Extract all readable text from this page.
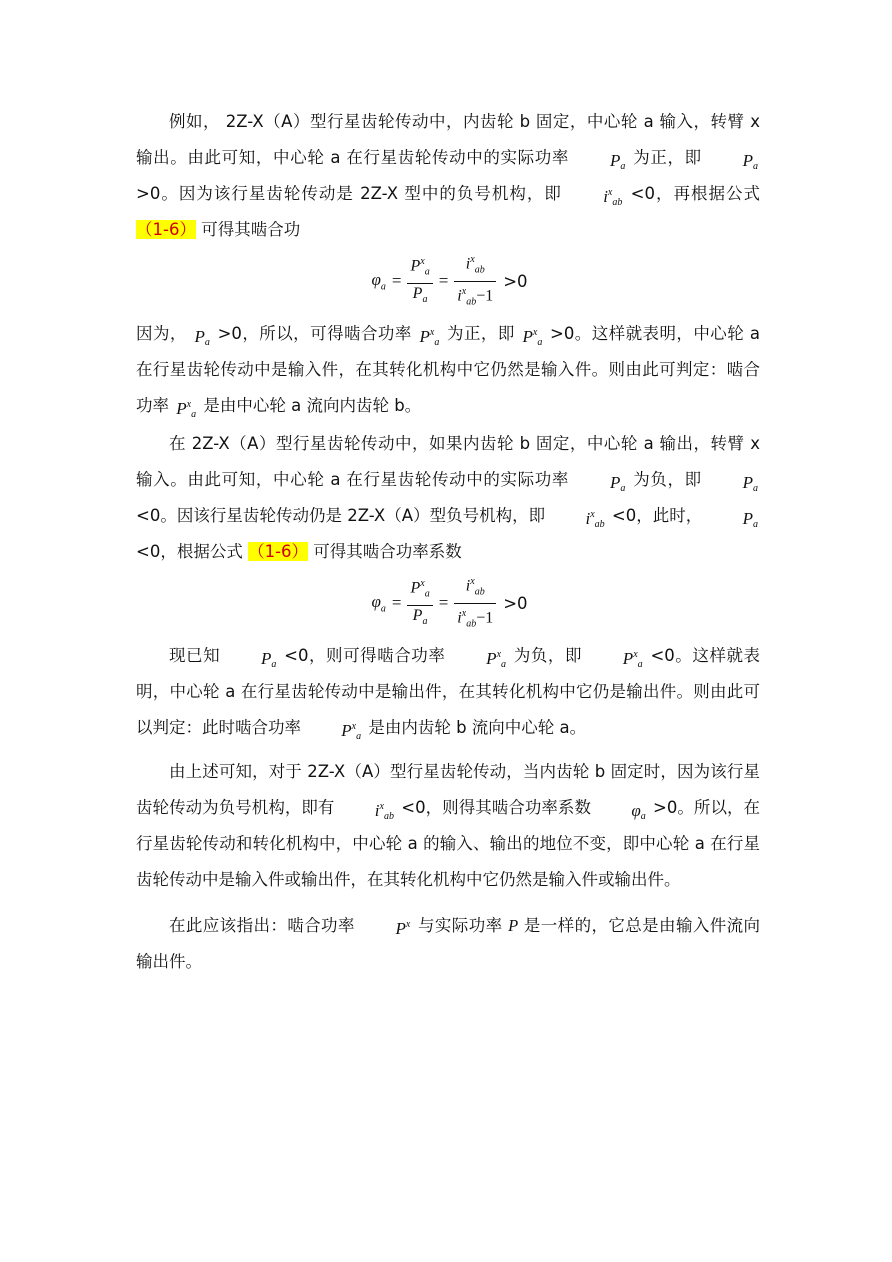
例如， 2Z-X（A）型行星齿轮传动中，内齿轮 b 固定，中心轮 a 输入，转臂 x 输出。由此可知，中心轮 a 在行星齿轮传动中的实际功率 $P_a$ 为正，即 $P_a >0$。因为该行星齿轮传动是 2Z-X 型中的负号机构，即 $i^x_{ab} <0$，再根据公式 （1-6） 可得其啮合功

$\varphi_a = \frac{P^x_a}{P_a} = \frac{i^x_{ab}}{i^x_{ab}-1} >0$

因为， $P_a >0$，所以，可得啮合功率 $P^x_a$ 为正，即 $P^x_a >0$。这样就表明，中心轮 a 在行星齿轮传动中是输入件，在其转化机构中它仍然是输入件。则由此可判定：啮合功率 $P^x_a$ 是由中心轮 a 流向内齿轮 b。

在 2Z-X（A）型行星齿轮传动中，如果内齿轮 b 固定，中心轮 a 输出，转臂 x 输入。由此可知，中心轮 a 在行星齿轮传动中的实际功率 $P_a$ 为负，即 $P_a <0$。因该行星齿轮传动仍是 2Z-X（A）型负号机构，即 $i^x_{ab} <0$，此时， $P_a <0$，根据公式 （1-6） 可得其啮合功率系数

$\varphi_a = \frac{P^x_a}{P_a} = \frac{i^x_{ab}}{i^x_{ab}-1} >0$

现已知 $P_a <0$，则可得啮合功率 $P^x_a$ 为负，即 $P^x_a <0$。这样就表明，中心轮 a 在行星齿轮传动中是输出件，在其转化机构中它仍是输出件。则由此可以判定：此时啮合功率 $P^x_a$ 是由内齿轮 b 流向中心轮 a。

由上述可知，对于 2Z-X（A）型行星齿轮传动，当内齿轮 b 固定时，因为该行星齿轮传动为负号机构，即有 $i^x_{ab} <0$，则得其啮合功率系数 $\varphi_a >0$。所以，在行星齿轮传动和转化机构中，中心轮 a 的输入、输出的地位不变，即中心轮 a 在行星齿轮传动中是输入件或输出件，在其转化机构中它仍然是输入件或输出件。

在此应该指出：啮合功率 $P^x$ 与实际功率 P 是一样的，它总是由输入件流向输出件。
